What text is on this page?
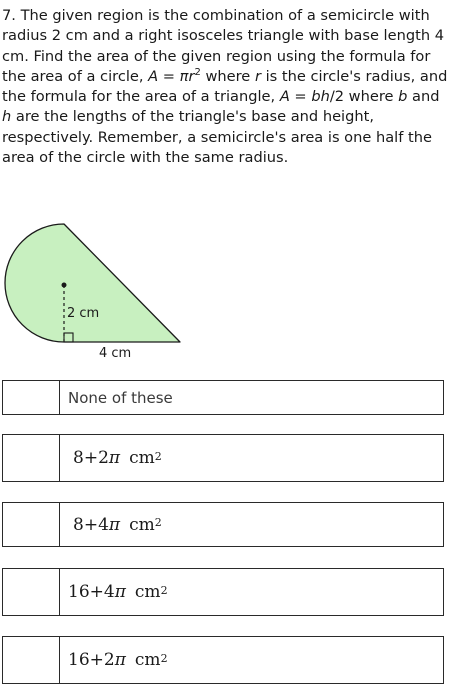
7. The given region is the combination of a semicircle with radius 2 cm and a right isosceles triangle with base length 4 cm. Find the area of the given region using the formula for the area of a circle, $A = \pi r^2$ where r is the circle's radius, and the formula for the area of a triangle, A = bh/2 where b and h are the lengths of the triangle's base and height, respectively. Remember, a semicircle's area is one half the area of the circle with the same radius.

2 cm
4 cm
None of these
8 + 2 π $cm^2$
8 + 4 π $cm^2$
16 + 4 π $cm^2$
16 + 2 π $cm^2$
